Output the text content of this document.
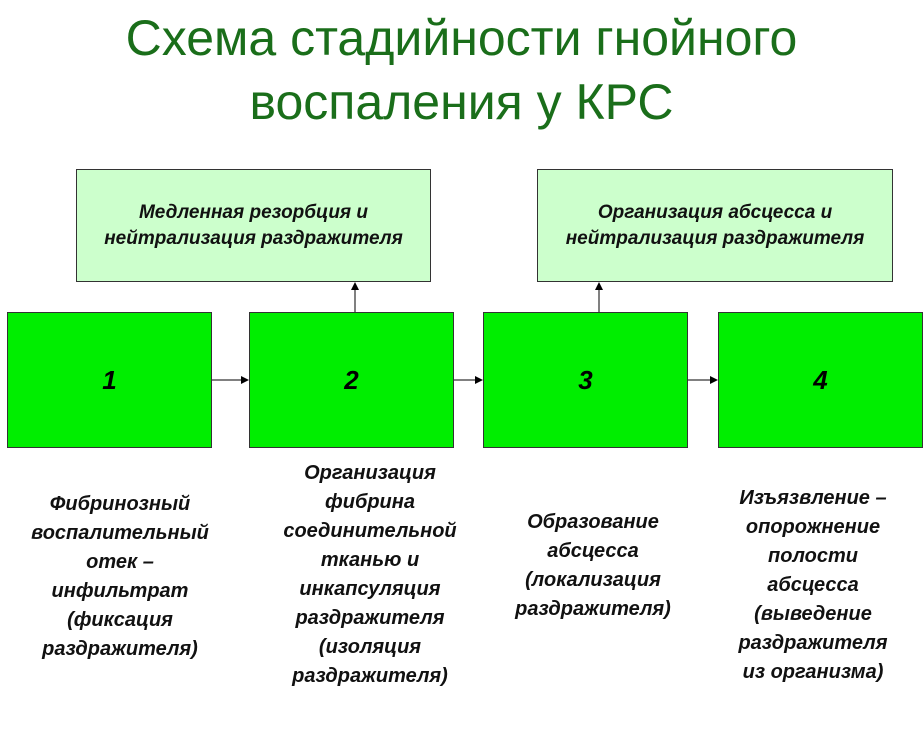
Схема стадийности гнойного
воспаления у КРС
Медленная резорбция и нейтрализация раздражителя
Организация абсцесса и нейтрализация раздражителя
1	2	3	4
Фибринозный
воспалительный
отек –
инфильтрат
(фиксация
раздражителя)
Организация
фибрина
соединительной
тканью и
инкапсуляция
раздражителя
(изоляция
раздражителя)
Образование
абсцесса
(локализация
раздражителя)
Изъязвление –
опорожнение
полости
абсцесса
(выведение
раздражителя
из организма)
